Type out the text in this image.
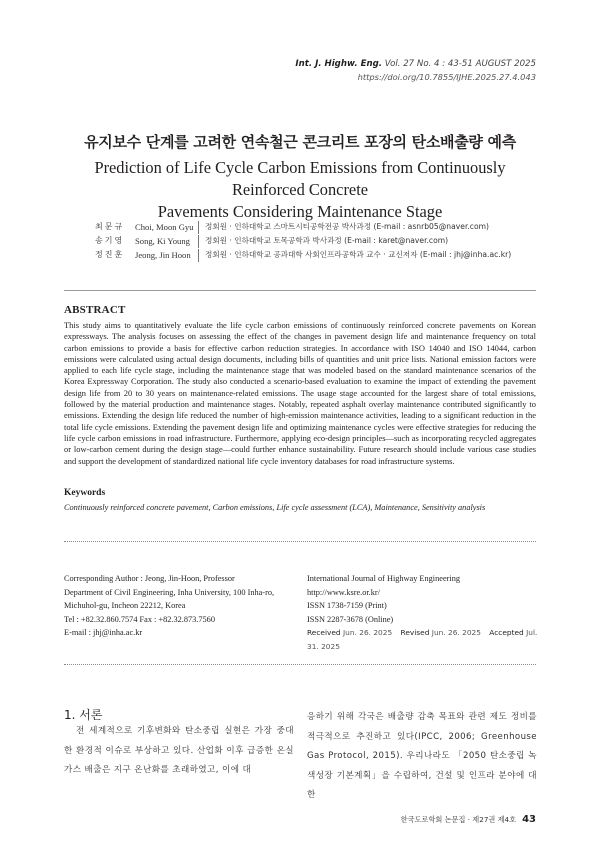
Int. J. Highw. Eng. Vol. 27 No. 4 : 43-51 AUGUST 2025
https://doi.org/10.7855/IJHE.2025.27.4.043
유지보수 단계를 고려한 연속철근 콘크리트 포장의 탄소배출량 예측
Prediction of Life Cycle Carbon Emissions from Continuously Reinforced Concrete
Pavements Considering Maintenance Stage
최문규	Choi, Moon Gyu	정회원 · 인하대학교 스마트시티공학전공 박사과정 (E-mail : asnrb05@naver.com)
송기영	Song, Ki Young	정회원 · 인하대학교 토목공학과 박사과정 (E-mail : karet@naver.com)
정진훈	Jeong, Jin Hoon	정회원 · 인하대학교 공과대학 사회인프라공학과 교수 · 교신저자 (E-mail : jhj@inha.ac.kr)
ABSTRACT
This study aims to quantitatively evaluate the life cycle carbon emissions of continuously reinforced concrete pavements on Korean expressways. The analysis focuses on assessing the effect of the changes in pavement design life and maintenance frequency on total carbon emissions to provide a basis for effective carbon reduction strategies. In accordance with ISO 14040 and ISO 14044, carbon emissions were calculated using actual design documents, including bills of quantities and unit price lists. National emission factors were applied to each life cycle stage, including the maintenance stage that was modeled based on the standard maintenance scenarios of the Korea Expressway Corporation. The study also conducted a scenario-based evaluation to examine the impact of extending the pavement design life from 20 to 30 years on maintenance-related emissions. The usage stage accounted for the largest share of total emissions, followed by the material production and maintenance stages. Notably, repeated asphalt overlay maintenance contributed significantly to emissions. Extending the design life reduced the number of high-emission maintenance activities, leading to a significant reduction in the total life cycle emissions. Extending the pavement design life and optimizing maintenance cycles were effective strategies for reducing the life cycle carbon emissions in road infrastructure. Furthermore, applying eco-design principles—such as incorporating recycled aggregates or low-carbon cement during the design stage—could further enhance sustainability. Future research should include various case studies and support the development of standardized national life cycle inventory databases for road infrastructure systems.
Keywords
Continuously reinforced concrete pavement, Carbon emissions, Life cycle assessment (LCA), Maintenance, Sensitivity analysis
Corresponding Author : Jeong, Jin-Hoon, Professor
Department of Civil Engineering, Inha University, 100 Inha-ro,
Michuhol-gu, Incheon 22212, Korea
Tel : +82.32.860.7574 Fax : +82.32.873.7560
E-mail : jhj@inha.ac.kr
International Journal of Highway Engineering
http://www.ksre.or.kr/
ISSN 1738-7159 (Print)
ISSN 2287-3678 (Online)
Received Jun. 26. 2025 Revised Jun. 26. 2025 Accepted Jul. 31. 2025
1. 서론
전 세계적으로 기후변화와 탄소중립 실현은 가장 중대한 환경적 이슈로 부상하고 있다. 산업화 이후 급증한 온실가스 배출은 지구 온난화를 초래하였고, 이에 대
응하기 위해 각국은 배출량 감축 목표와 관련 제도 정비를 적극적으로 추진하고 있다(IPCC, 2006; Greenhouse Gas Protocol, 2015). 우리나라도 「2050 탄소중립 녹색성장 기본계획」을 수립하여, 건설 및 인프라 분야에 대한
한국도로학회 논문집 · 제27권 제4호 43
